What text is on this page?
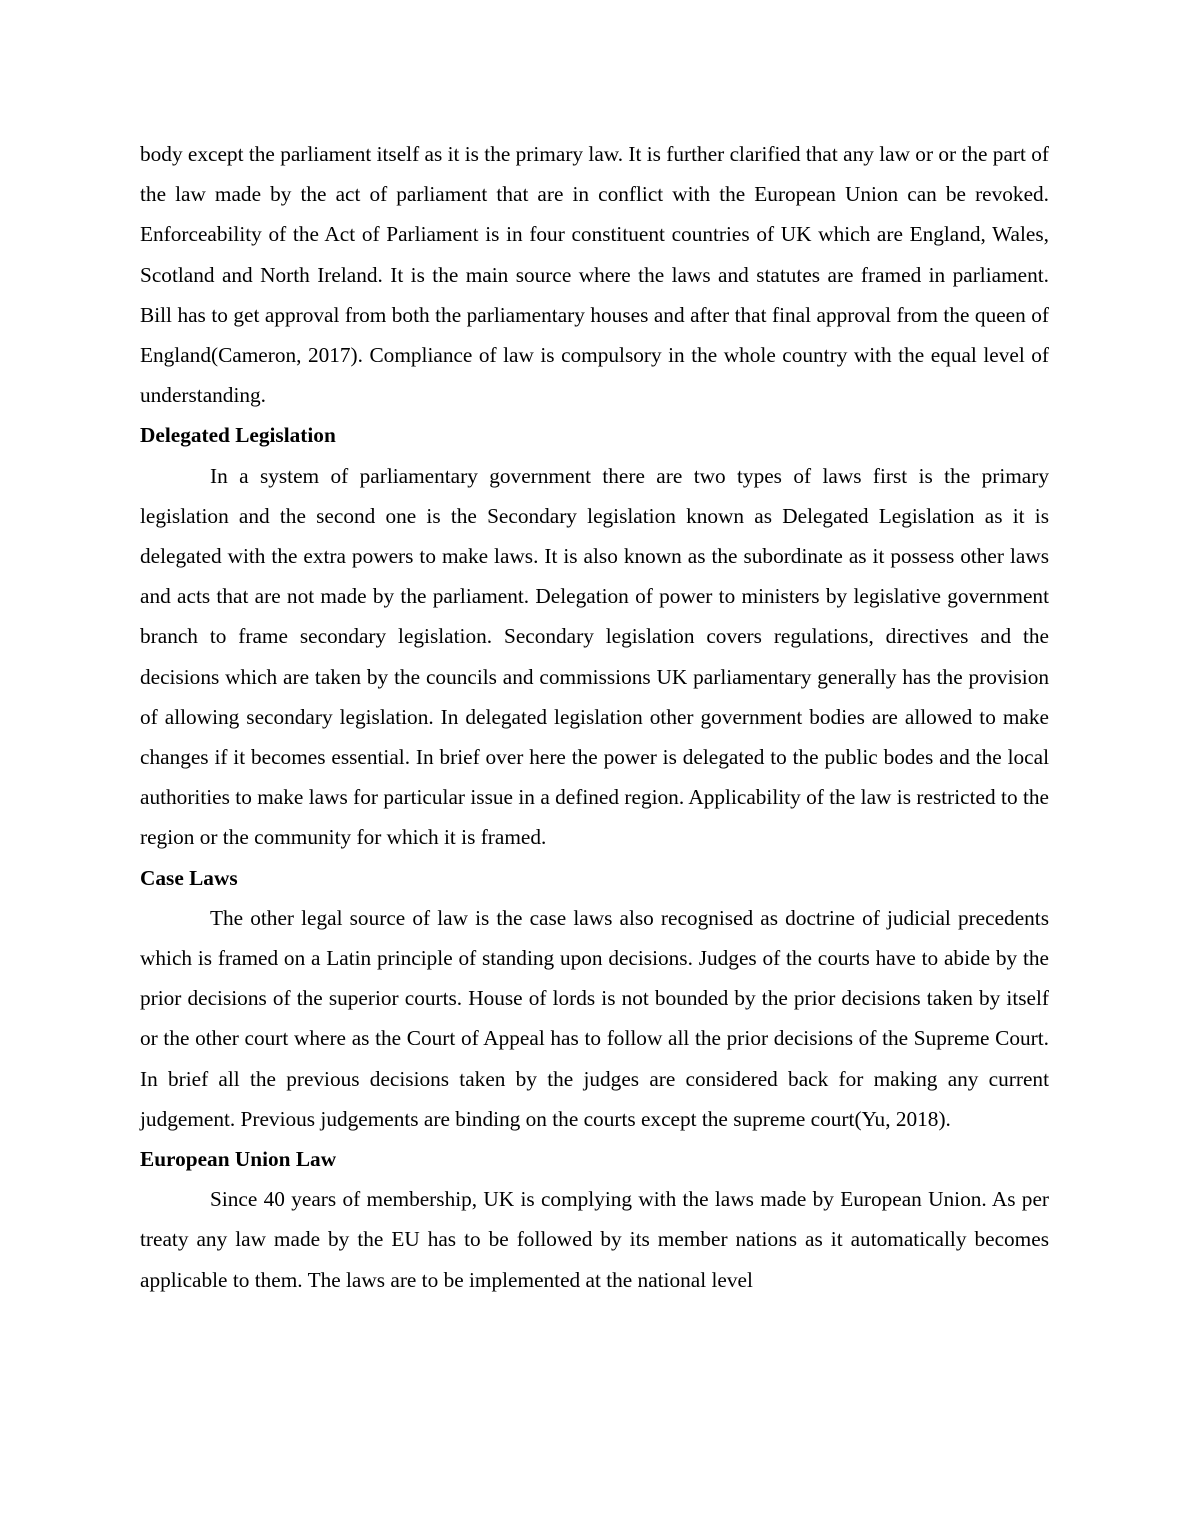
body except the parliament itself as it is the primary law. It is further clarified that any law or or the part of the law made by the act of parliament that are in conflict with the European Union can be revoked. Enforceability of the Act of Parliament is in four constituent countries of UK which are England, Wales, Scotland and North Ireland. It is the main source where the laws and statutes are framed in parliament. Bill has to get approval from both the parliamentary houses and after that final approval from the queen of England(Cameron, 2017). Compliance of law is compulsory in the whole country with the equal level of understanding.

Delegated Legislation

In a system of parliamentary government there are two types of laws first is the primary legislation and the second one is the Secondary legislation known as Delegated Legislation as it is delegated with the extra powers to make laws. It is also known as the subordinate as it possess other laws and acts that are not made by the parliament. Delegation of power to ministers by legislative government branch to frame secondary legislation. Secondary legislation covers regulations, directives and the decisions which are taken by the councils and commissions UK parliamentary generally has the provision of allowing secondary legislation. In delegated legislation other government bodies are allowed to make changes if it becomes essential. In brief over here the power is delegated to the public bodes and the local authorities to make laws for particular issue in a defined region. Applicability of the law is restricted to the region or the community for which it is framed.

Case Laws

The other legal source of law is the case laws also recognised as doctrine of judicial precedents which is framed on a Latin principle of standing upon decisions. Judges of the courts have to abide by the prior decisions of the superior courts. House of lords is not bounded by the prior decisions taken by itself or the other court where as the Court of Appeal has to follow all the prior decisions of the Supreme Court. In brief all the previous decisions taken by the judges are considered back for making any current judgement. Previous judgements are binding on the courts except the supreme court(Yu, 2018).

European Union Law

Since 40 years of membership, UK is complying with the laws made by European Union. As per treaty any law made by the EU has to be followed by its member nations as it automatically becomes applicable to them. The laws are to be implemented at the national level
